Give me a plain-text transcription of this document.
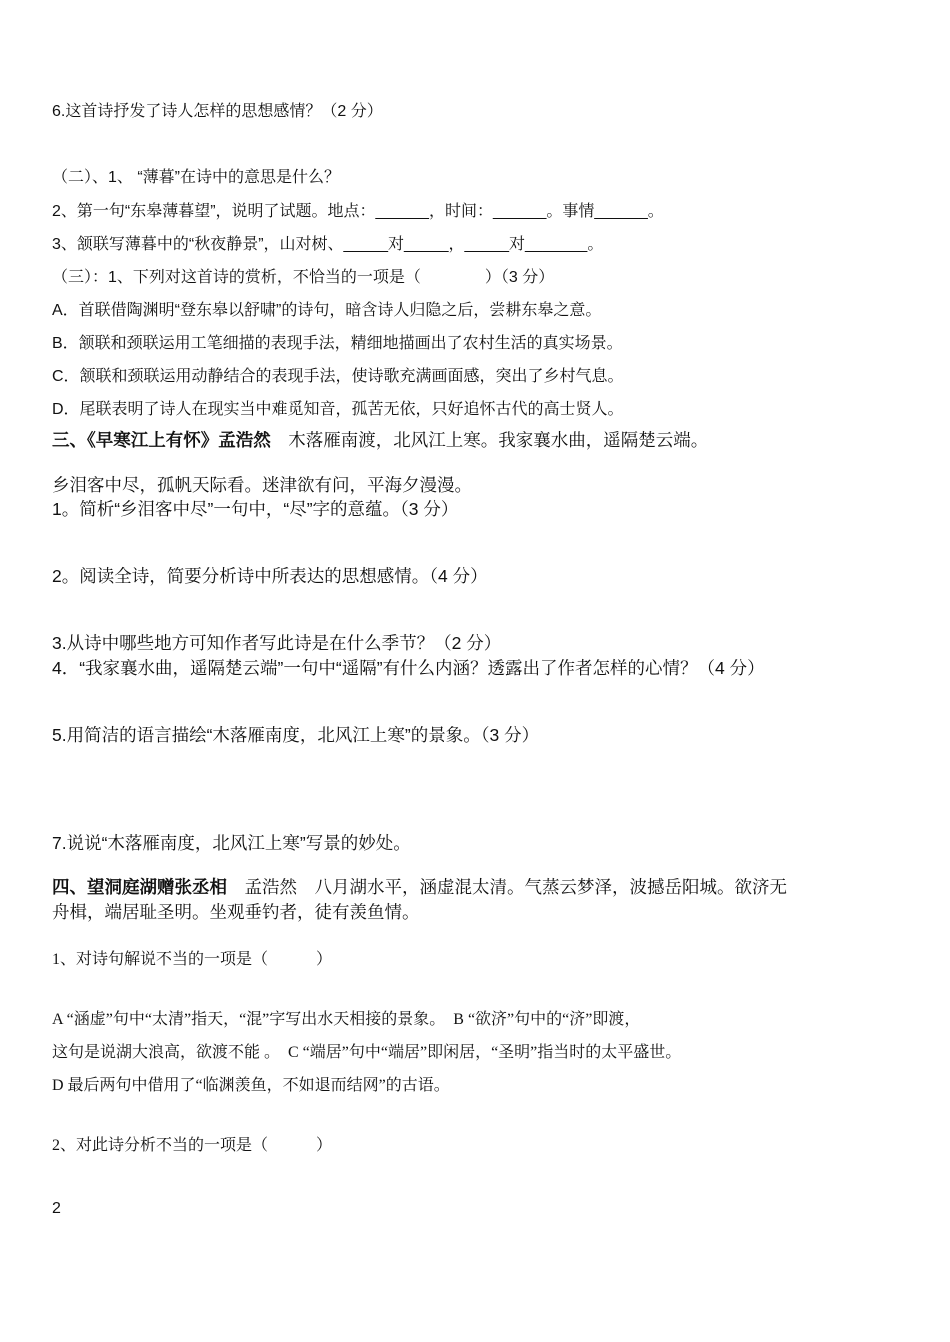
6.这首诗抒发了诗人怎样的思想感情？（2 分）
（二）、1、 “薄暮”在诗中的意思是什么？
2、第一句“东皋薄暮望”，说明了试题。地点：______，时间：______。事情______。
3、颔联写薄暮中的“秋夜静景”，山对树、_____对_____，_____对_______。
（三）：1、下列对这首诗的赏析，不恰当的一项是（　　　　）（3 分）
A．首联借陶渊明“登东皋以舒啸”的诗句，暗含诗人归隐之后，尝耕东皋之意。
B．颔联和颈联运用工笔细描的表现手法，精细地描画出了农村生活的真实场景。
C．颔联和颈联运用动静结合的表现手法，使诗歌充满画面感，突出了乡村气息。
D．尾联表明了诗人在现实当中难觅知音，孤苦无依，只好追怀古代的高士贤人。
三、《早寒江上有怀》孟浩然　木落雁南渡，北风江上寒。我家襄水曲，遥隔楚云端。
乡泪客中尽，孤帆天际看。迷津欲有问，平海夕漫漫。
1。简析“乡泪客中尽”一句中，“尽”字的意蕴。（3 分）
2。阅读全诗，简要分析诗中所表达的思想感情。（4 分）
3.从诗中哪些地方可知作者写此诗是在什么季节？（2 分）
4．“我家襄水曲，遥隔楚云端”一句中“遥隔”有什么内涵？透露出了作者怎样的心情？（4 分）
5.用简洁的语言描绘“木落雁南度，北风江上寒”的景象。（3 分）
7.说说“木落雁南度，北风江上寒”写景的妙处。
四、望洞庭湖赠张丞相　孟浩然　八月湖水平，涵虚混太清。气蒸云梦泽，波撼岳阳城。欲济无
舟楫，端居耻圣明。坐观垂钓者，徒有羡鱼情。
1、对诗句解说不当的一项是（　　　）
A “涵虚”句中“太清”指天，“混”字写出水天相接的景象。　B “欲济”句中的“济”即渡，
这句是说湖大浪高，欲渡不能 。　C “端居”句中“端居”即闲居，“圣明”指当时的太平盛世。
D 最后两句中借用了“临渊羡鱼，不如退而结网”的古语。
2、对此诗分析不当的一项是（　　　）
2
